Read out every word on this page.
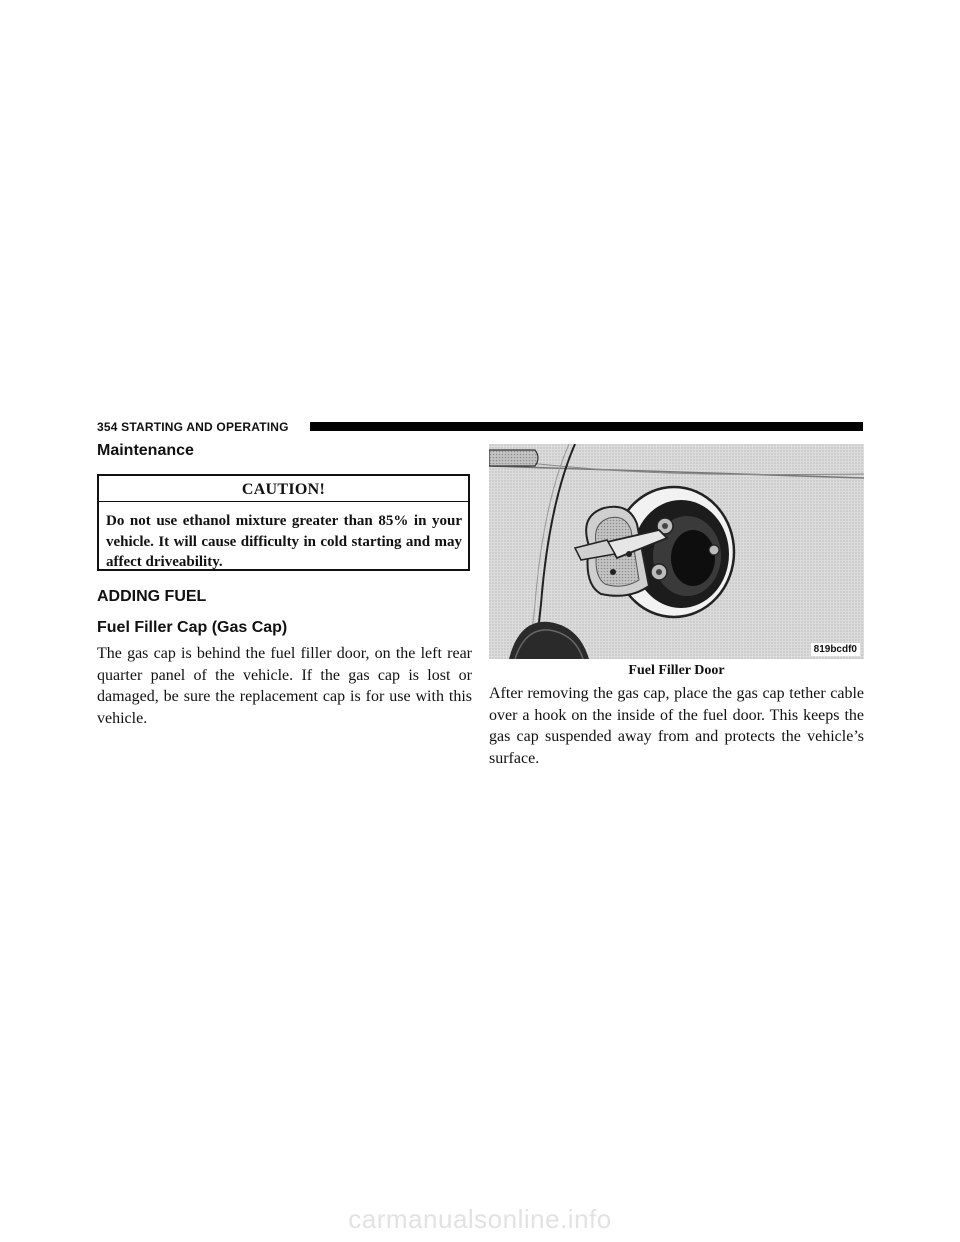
354 STARTING AND OPERATING
Maintenance
CAUTION!
Do not use ethanol mixture greater than 85% in your vehicle. It will cause difficulty in cold starting and may affect driveability.
ADDING FUEL
Fuel Filler Cap (Gas Cap)

The gas cap is behind the fuel filler door, on the left rear quarter panel of the vehicle. If the gas cap is lost or damaged, be sure the replacement cap is for use with this vehicle.

819bcdf0
Fuel Filler Door

After removing the gas cap, place the gas cap tether cable over a hook on the inside of the fuel door. This keeps the gas cap suspended away from and protects the vehicle’s surface.

carmanualsonline.info
